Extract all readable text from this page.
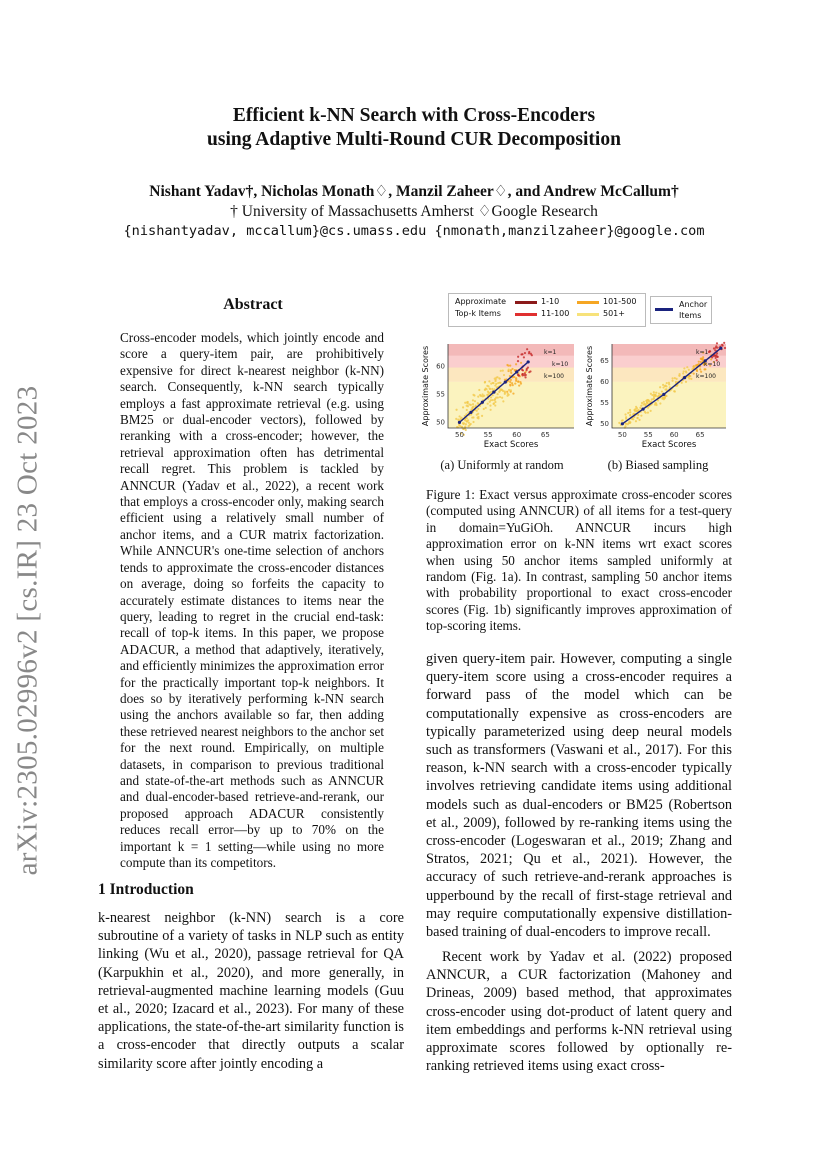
Efficient k-NN Search with Cross-Encoders
using Adaptive Multi-Round CUR Decomposition
Nishant Yadav†, Nicholas Monath♢, Manzil Zaheer♢, and Andrew McCallum†
† University of Massachusetts Amherst ♢Google Research
{nishantyadav, mccallum}@cs.umass.edu {nmonath,manzilzaheer}@google.com
arXiv:2305.02996v2 [cs.IR] 23 Oct 2023
Abstract
Cross-encoder models, which jointly encode and score a query-item pair, are prohibitively expensive for direct k-nearest neighbor (k-NN) search. Consequently, k-NN search typically employs a fast approximate retrieval (e.g. using BM25 or dual-encoder vectors), followed by reranking with a cross-encoder; however, the retrieval approximation often has detrimental recall regret. This problem is tackled by ANNCUR (Yadav et al., 2022), a recent work that employs a cross-encoder only, making search efficient using a relatively small number of anchor items, and a CUR matrix factorization. While ANNCUR's one-time selection of anchors tends to approximate the cross-encoder distances on average, doing so forfeits the capacity to accurately estimate distances to items near the query, leading to regret in the crucial end-task: recall of top-k items. In this paper, we propose ADACUR, a method that adaptively, iteratively, and efficiently minimizes the approximation error for the practically important top-k neighbors. It does so by iteratively performing k-NN search using the anchors available so far, then adding these retrieved nearest neighbors to the anchor set for the next round. Empirically, on multiple datasets, in comparison to previous traditional and state-of-the-art methods such as ANNCUR and dual-encoder-based retrieve-and-rerank, our proposed approach ADACUR consistently reduces recall error—by up to 70% on the important k = 1 setting—while using no more compute than its competitors.
1 Introduction
k-nearest neighbor (k-NN) search is a core subroutine of a variety of tasks in NLP such as entity linking (Wu et al., 2020), passage retrieval for QA (Karpukhin et al., 2020), and more generally, in retrieval-augmented machine learning models (Guu et al., 2020; Izacard et al., 2023). For many of these applications, the state-of-the-art similarity function is a cross-encoder that directly outputs a scalar similarity score after jointly encoding a
Approximate
Top-k Items
1-10
11-100
101-500
501+
Anchor
Items
50	55	60	65
50
55
60
Exact Scores
Approximate Scores	k=1
k=10
k=100
50 55 60 65
50
55
60
65
Exact Scores
Approximate Scores	k=1
k=10
k=100
(a) Uniformly at random	(b) Biased sampling
Figure 1: Exact versus approximate cross-encoder scores (computed using ANNCUR) of all items for a test-query in domain=YuGiOh. ANNCUR incurs high approximation error on k-NN items wrt exact scores when using 50 anchor items sampled uniformly at random (Fig. 1a). In contrast, sampling 50 anchor items with probability proportional to exact cross-encoder scores (Fig. 1b) significantly improves approximation of top-scoring items.
given query-item pair. However, computing a single query-item score using a cross-encoder requires a forward pass of the model which can be computationally expensive as cross-encoders are typically parameterized using deep neural models such as transformers (Vaswani et al., 2017). For this reason, k-NN search with a cross-encoder typically involves retrieving candidate items using additional models such as dual-encoders or BM25 (Robertson et al., 2009), followed by re-ranking items using the cross-encoder (Logeswaran et al., 2019; Zhang and Stratos, 2021; Qu et al., 2021). However, the accuracy of such retrieve-and-rerank approaches is upperbound by the recall of first-stage retrieval and may require computationally expensive distillation-based training of dual-encoders to improve recall.
Recent work by Yadav et al. (2022) proposed ANNCUR, a CUR factorization (Mahoney and Drineas, 2009) based method, that approximates cross-encoder using dot-product of latent query and item embeddings and performs k-NN retrieval using approximate scores followed by optionally re-ranking retrieved items using exact cross-
